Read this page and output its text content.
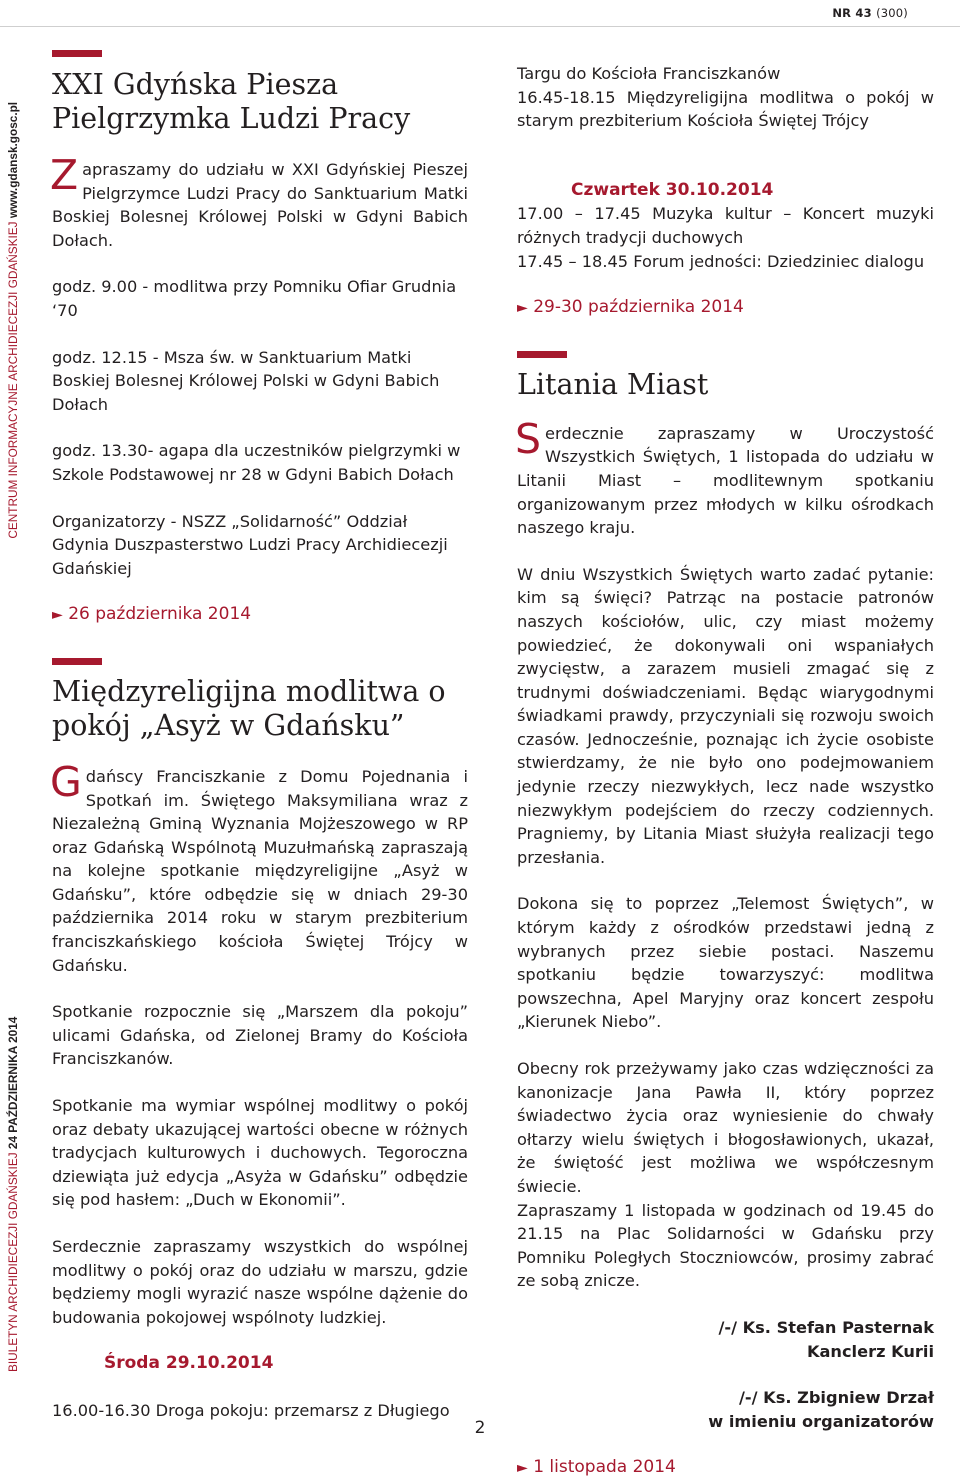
NR 43 (300)
BIULETYN ARCHIDIECEZJI GDAŃSKIEJ 24 PAŹDZIERNIKA 2014CENTRUM INFORMACYJNE ARCHIDIECEZJI GDAŃSKIEJ www.gdansk.gosc.pl
XXI Gdyńska Piesza Pielgrzymka Ludzi Pracy

Zapraszamy do udziału w XXI Gdyńskiej Pieszej Pielgrzymce Ludzi Pracy do Sanktuarium Matki Boskiej Bolesnej Królowej Polski w Gdyni Babich Dołach.

godz. 9.00 - modlitwa przy Pomniku Ofiar Grudnia ‘70

godz. 12.15 - Msza św. w Sanktuarium Matki Boskiej Bolesnej Królowej Polski w Gdyni Babich Dołach

godz. 13.30- agapa dla uczestników pielgrzymki w Szkole Podstawowej nr 28 w Gdyni Babich Dołach

Organizatorzy - NSZZ „Solidarność” Oddział Gdynia Duszpasterstwo Ludzi Pracy Archidiecezji Gdańskiej

► 26 października 2014

Międzyreligijna modlitwa o pokój „Asyż w Gdańsku”

Gdańscy Franciszkanie z Domu Pojednania i Spotkań im. Świętego Maksymiliana wraz z Niezależną Gminą Wyznania Mojżeszowego w RP oraz Gdańską Wspólnotą Muzułmańską zapraszają na kolejne spotkanie międzyreligijne „Asyż w Gdańsku”, które odbędzie się w dniach 29-30 października 2014 roku w starym prezbiterium franciszkańskiego kościoła Świętej Trójcy w Gdańsku.

Spotkanie rozpocznie się „Marszem dla pokoju” ulicami Gdańska, od Zielonej Bramy do Kościoła Franciszkanów.

Spotkanie ma wymiar wspólnej modlitwy o pokój oraz debaty ukazującej wartości obecne w różnych tradycjach kulturowych i duchowych. Tegoroczna dziewiąta już edycja „Asyża w Gdańsku” odbędzie się pod hasłem: „Duch w Ekonomii”.

Serdecznie zapraszamy wszystkich do wspólnej modlitwy o pokój oraz do udziału w marszu, gdzie będziemy mogli wyrazić nasze wspólne dążenie do budowania pokojowej wspólnoty ludzkiej.

Środa 29.10.2014

16.00-16.30 Droga pokoju: przemarsz z Długiego

Targu do Kościoła Franciszkanów

16.45-18.15 Międzyreligijna modlitwa o pokój w starym prezbiterium Kościoła Świętej Trójcy

Czwartek 30.10.2014

17.00 – 17.45 Muzyka kultur – Koncert muzyki różnych tradycji duchowych

17.45 – 18.45 Forum jedności: Dziedziniec dialogu

► 29-30 października 2014

Litania Miast

Serdecznie zapraszamy w Uroczystość Wszystkich Świętych, 1 listopada do udziału w Litanii Miast – modlitewnym spotkaniu organizowanym przez młodych w kilku ośrodkach naszego kraju.

W dniu Wszystkich Świętych warto zadać pytanie: kim są święci? Patrząc na postacie patronów naszych kościołów, ulic, czy miast możemy powiedzieć, że dokonywali oni wspaniałych zwycięstw, a zarazem musieli zmagać się z trudnymi doświadczeniami. Będąc wiarygodnymi świadkami prawdy, przyczyniali się rozwoju swoich czasów. Jednocześnie, poznając ich życie osobiste stwierdzamy, że nie było ono podejmowaniem jedynie rzeczy niezwykłych, lecz nade wszystko niezwykłym podejściem do rzeczy codziennych. Pragniemy, by Litania Miast służyła realizacji tego przesłania.

Dokona się to poprzez „Telemost Świętych”, w którym każdy z ośrodków przedstawi jedną z wybranych przez siebie postaci. Naszemu spotkaniu będzie towarzyszyć: modlitwa powszechna, Apel Maryjny oraz koncert zespołu „Kierunek Niebo”.

Obecny rok przeżywamy jako czas wdzięczności za kanonizacje Jana Pawła II, który poprzez świadectwo życia oraz wyniesienie do chwały ołtarzy wielu świętych i błogosławionych, ukazał, że świętość jest możliwa we współczesnym świecie.

Zapraszamy 1 listopada w godzinach od 19.45 do 21.15 na Plac Solidarności w Gdańsku przy Pomniku Poległych Stoczniowców, prosimy zabrać ze sobą znicze.

/-/ Ks. Stefan Pasternak

Kanclerz Kurii

/-/ Ks. Zbigniew Drzał

w imieniu organizatorów

► 1 listopada 2014

2
